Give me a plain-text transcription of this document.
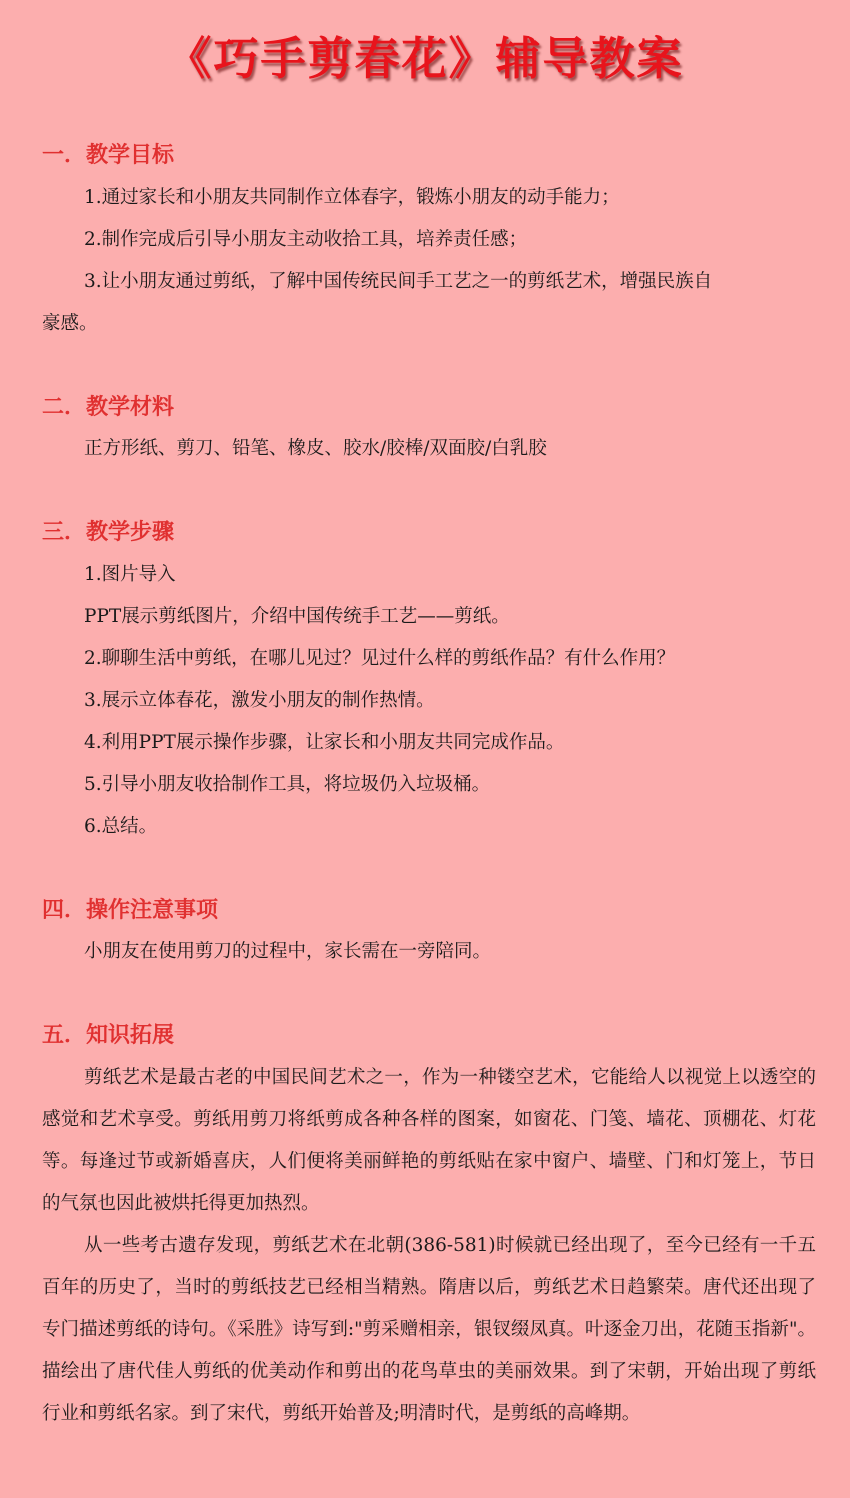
《巧手剪春花》辅导教案
一．教学目标
1.通过家长和小朋友共同制作立体春字，锻炼小朋友的动手能力；
2.制作完成后引导小朋友主动收拾工具，培养责任感；
3.让小朋友通过剪纸，了解中国传统民间手工艺之一的剪纸艺术，增强民族自
豪感。
二．教学材料
正方形纸、剪刀、铅笔、橡皮、胶水/胶棒/双面胶/白乳胶
三．教学步骤
1.图片导入
PPT展示剪纸图片，介绍中国传统手工艺——剪纸。
2.聊聊生活中剪纸，在哪儿见过？见过什么样的剪纸作品？有什么作用？
3.展示立体春花，激发小朋友的制作热情。
4.利用PPT展示操作步骤，让家长和小朋友共同完成作品。
5.引导小朋友收拾制作工具，将垃圾仍入垃圾桶。
6.总结。
四．操作注意事项
小朋友在使用剪刀的过程中，家长需在一旁陪同。
五．知识拓展
剪纸艺术是最古老的中国民间艺术之一，作为一种镂空艺术，它能给人以视觉上以透空的感觉和艺术享受。剪纸用剪刀将纸剪成各种各样的图案，如窗花、门笺、墙花、顶棚花、灯花等。每逢过节或新婚喜庆，人们便将美丽鲜艳的剪纸贴在家中窗户、墙壁、门和灯笼上，节日的气氛也因此被烘托得更加热烈。
从一些考古遗存发现，剪纸艺术在北朝(386-581)时候就已经出现了，至今已经有一千五百年的历史了，当时的剪纸技艺已经相当精熟。隋唐以后，剪纸艺术日趋繁荣。唐代还出现了专门描述剪纸的诗句。《采胜》诗写到:"剪采赠相亲，银钗缀凤真。叶逐金刀出，花随玉指新"。描绘出了唐代佳人剪纸的优美动作和剪出的花鸟草虫的美丽效果。到了宋朝，开始出现了剪纸行业和剪纸名家。到了宋代，剪纸开始普及;明清时代，是剪纸的高峰期。
